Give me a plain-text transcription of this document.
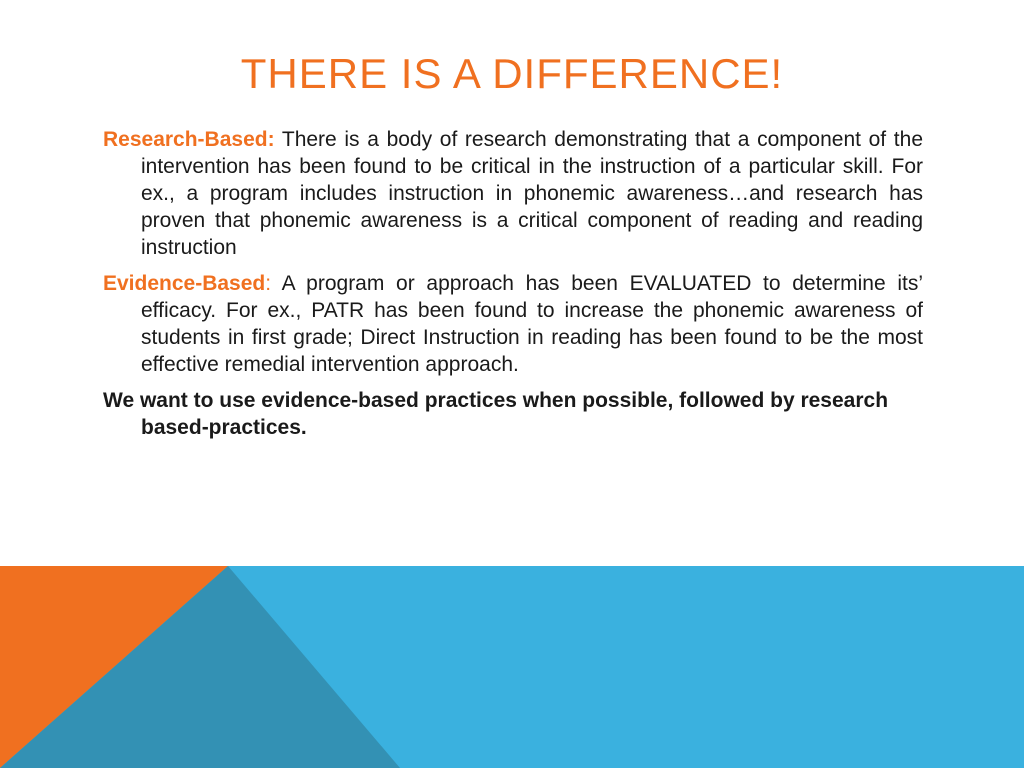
THERE IS A DIFFERENCE!

Research-Based: There is a body of research demonstrating that a component of the intervention has been found to be critical in the instruction of a particular skill. For ex., a program includes instruction in phonemic awareness…and research has proven that phonemic awareness is a critical component of reading and reading instruction

Evidence-Based: A program or approach has been EVALUATED to determine its’ efficacy. For ex., PATR has been found to increase the phonemic awareness of students in first grade; Direct Instruction in reading has been found to be the most effective remedial intervention approach.

We want to use evidence-based practices when possible, followed by research based-practices.
